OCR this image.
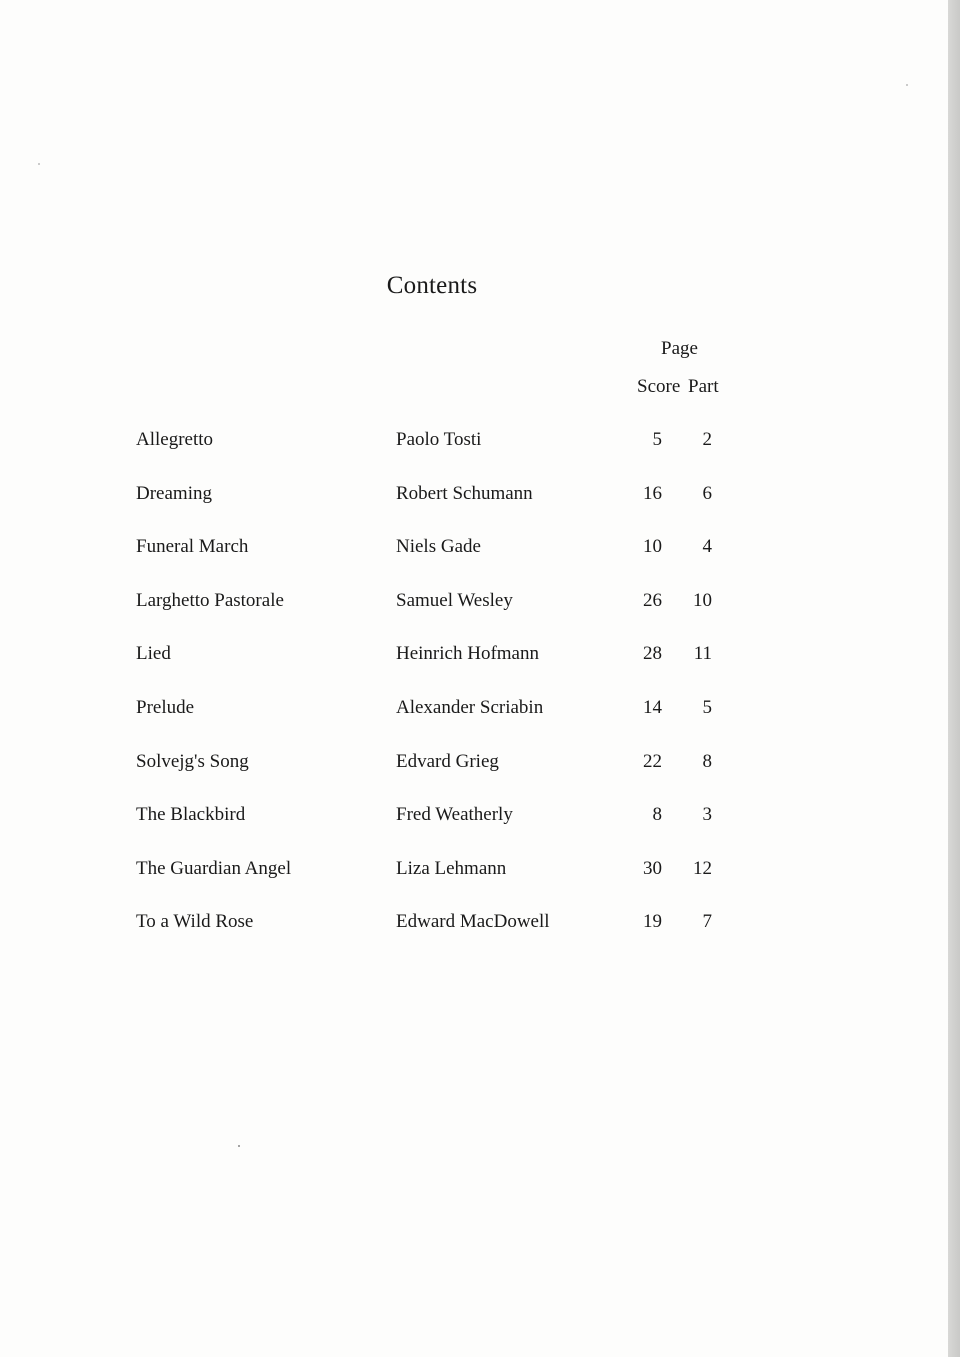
Contents
Page
Score Part
Allegretto	Paolo Tosti	5	2
Dreaming	Robert Schumann	16	6
Funeral March	Niels Gade	10	4
Larghetto Pastorale	Samuel Wesley	26	10
Lied	Heinrich Hofmann	28	11
Prelude	Alexander Scriabin	14	5
Solvejg's Song	Edvard Grieg	22	8
The Blackbird	Fred Weatherly	8	3
The Guardian Angel	Liza Lehmann	30	12
To a Wild Rose	Edward MacDowell	19	7
